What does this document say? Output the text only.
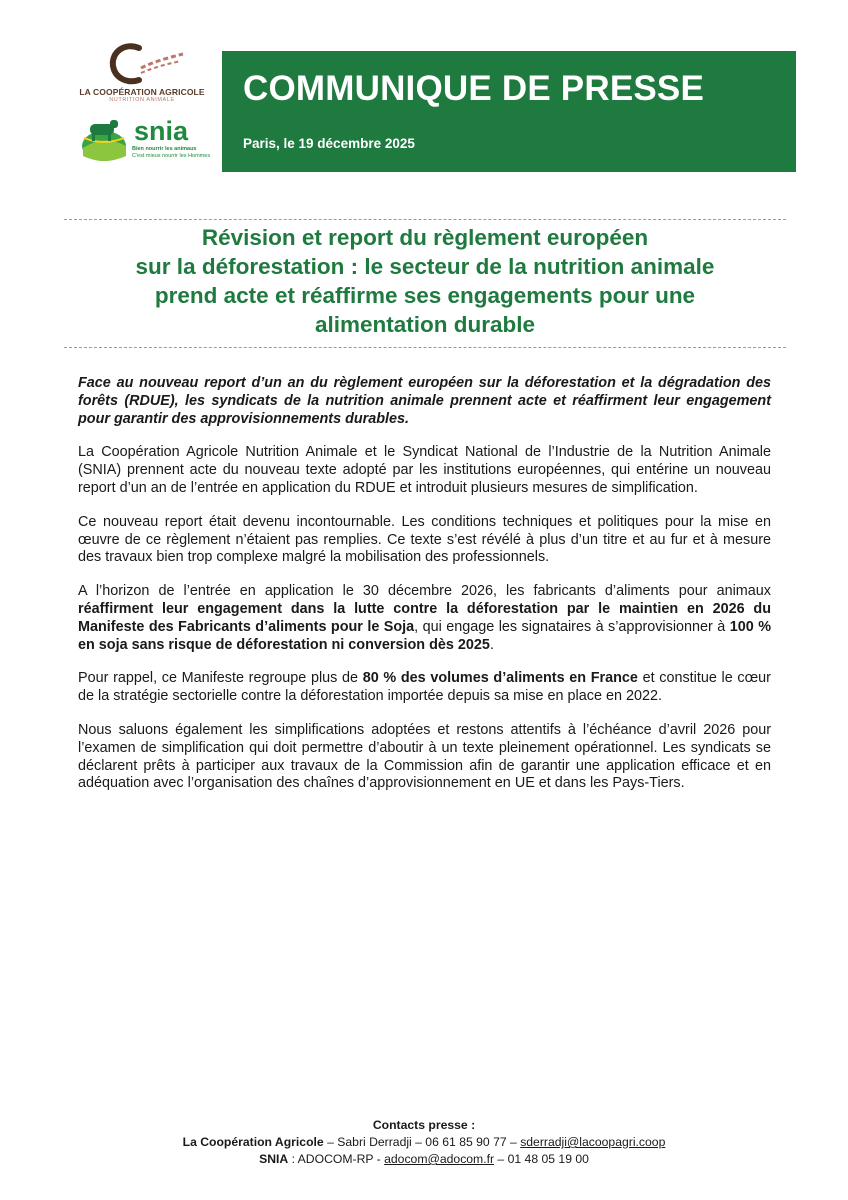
LA COOPÉRATION AGRICOLE
NUTRITION ANIMALE
snia
Bien nourrir les animaux
C'est mieux nourrir les Hommes
COMMUNIQUE DE PRESSE
Paris, le 19 décembre 2025
Révision et report du règlement européen
sur la déforestation : le secteur de la nutrition animale
prend acte et réaffirme ses engagements pour une
alimentation durable

Face au nouveau report d’un an du règlement européen sur la déforestation et la dégradation des forêts (RDUE), les syndicats de la nutrition animale prennent acte et réaffirment leur engagement pour garantir des approvisionnements durables.

La Coopération Agricole Nutrition Animale et le Syndicat National de l’Industrie de la Nutrition Animale (SNIA) prennent acte du nouveau texte adopté par les institutions européennes, qui entérine un nouveau report d’un an de l’entrée en application du RDUE et introduit plusieurs mesures de simplification.

Ce nouveau report était devenu incontournable. Les conditions techniques et politiques pour la mise en œuvre de ce règlement n’étaient pas remplies. Ce texte s’est révélé à plus d’un titre et au fur et à mesure des travaux bien trop complexe malgré la mobilisation des professionnels.

A l’horizon de l’entrée en application le 30 décembre 2026, les fabricants d’aliments pour animaux réaffirment leur engagement dans la lutte contre la déforestation par le maintien en 2026 du Manifeste des Fabricants d’aliments pour le Soja, qui engage les signataires à s’approvisionner à 100 % en soja sans risque de déforestation ni conversion dès 2025.

Pour rappel, ce Manifeste regroupe plus de 80 % des volumes d’aliments en France et constitue le cœur de la stratégie sectorielle contre la déforestation importée depuis sa mise en place en 2022.

Nous saluons également les simplifications adoptées et restons attentifs à l’échéance d’avril 2026 pour l’examen de simplification qui doit permettre d’aboutir à un texte pleinement opérationnel. Les syndicats se déclarent prêts à participer aux travaux de la Commission afin de garantir une application efficace et en adéquation avec l’organisation des chaînes d’approvisionnement en UE et dans les Pays-Tiers.

Contacts presse :
La Coopération Agricole – Sabri Derradji – 06 61 85 90 77 – sderradji@lacoopagri.coop
SNIA : ADOCOM-RP - adocom@adocom.fr – 01 48 05 19 00
